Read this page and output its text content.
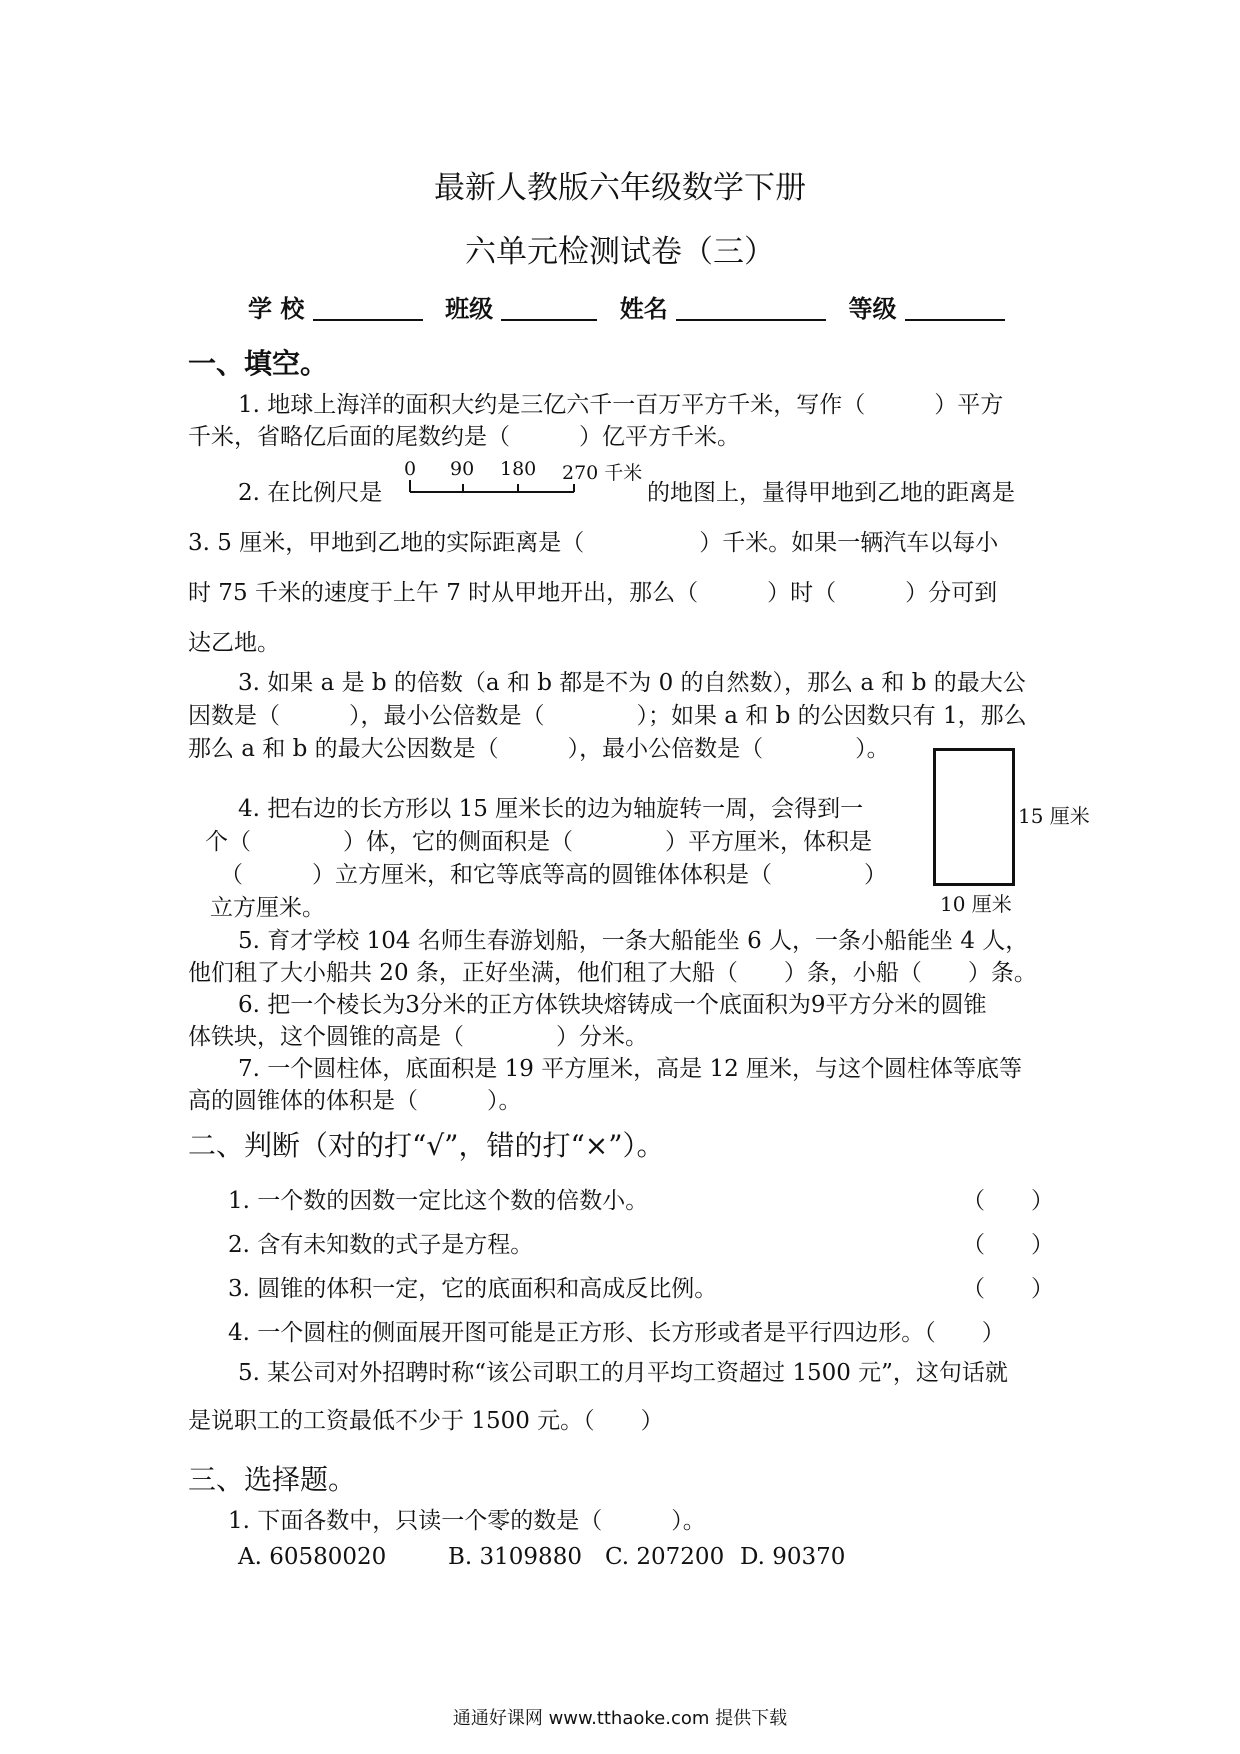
最新人教版六年级数学下册
六单元检测试卷（三）
学 校	班级	姓名	等级
一、填空。
1. 地球上海洋的面积大约是三亿六千一百万平方千米，写作（　　　）平方
千米，省略亿后面的尾数约是（　　　）亿平方千米。
2. 在比例尺是
0 90 180 270 千米
的地图上，量得甲地到乙地的距离是
3. 5 厘米，甲地到乙地的实际距离是（　　　　　）千米。如果一辆汽车以每小
时 75 千米的速度于上午 7 时从甲地开出，那么（　　　）时（　　　）分可到
达乙地。
3. 如果 a 是 b 的倍数（a 和 b 都是不为 0 的自然数），那么 a 和 b 的最大公
因数是（　　　），最小公倍数是（　　　　）；如果 a 和 b 的公因数只有 1，那么
那么 a 和 b 的最大公因数是（　　　），最小公倍数是（　　　　）。
4. 把右边的长方形以 15 厘米长的边为轴旋转一周，会得到一
个（　　　　）体，它的侧面积是（　　　　）平方厘米，体积是
（　　　）立方厘米，和它等底等高的圆锥体体积是（　　　　）
立方厘米。
15 厘米
10 厘米
5. 育才学校 104 名师生春游划船，一条大船能坐 6 人，一条小船能坐 4 人，
他们租了大小船共 20 条，正好坐满，他们租了大船（　　）条，小船（　　）条。
6. 把一个棱长为3分米的正方体铁块熔铸成一个底面积为9平方分米的圆锥
体铁块，这个圆锥的高是（　　　　）分米。
7. 一个圆柱体，底面积是 19 平方厘米，高是 12 厘米，与这个圆柱体等底等
高的圆锥体的体积是（　　　）。
二、判断（对的打“√”，错的打“×”）。
1. 一个数的因数一定比这个数的倍数小。	（　　）
2. 含有未知数的式子是方程。	（　　）
3. 圆锥的体积一定，它的底面积和高成反比例。	（　　）
4. 一个圆柱的侧面展开图可能是正方形、长方形或者是平行四边形。（　　）
5. 某公司对外招聘时称“该公司职工的月平均工资超过 1500 元”，这句话就
是说职工的工资最低不少于 1500 元。（　　）
三、选择题。
1. 下面各数中，只读一个零的数是（　　　）。
A. 60580020	B. 3109880 C. 207200 D. 90370
通通好课网 www.tthaoke.com 提供下载
